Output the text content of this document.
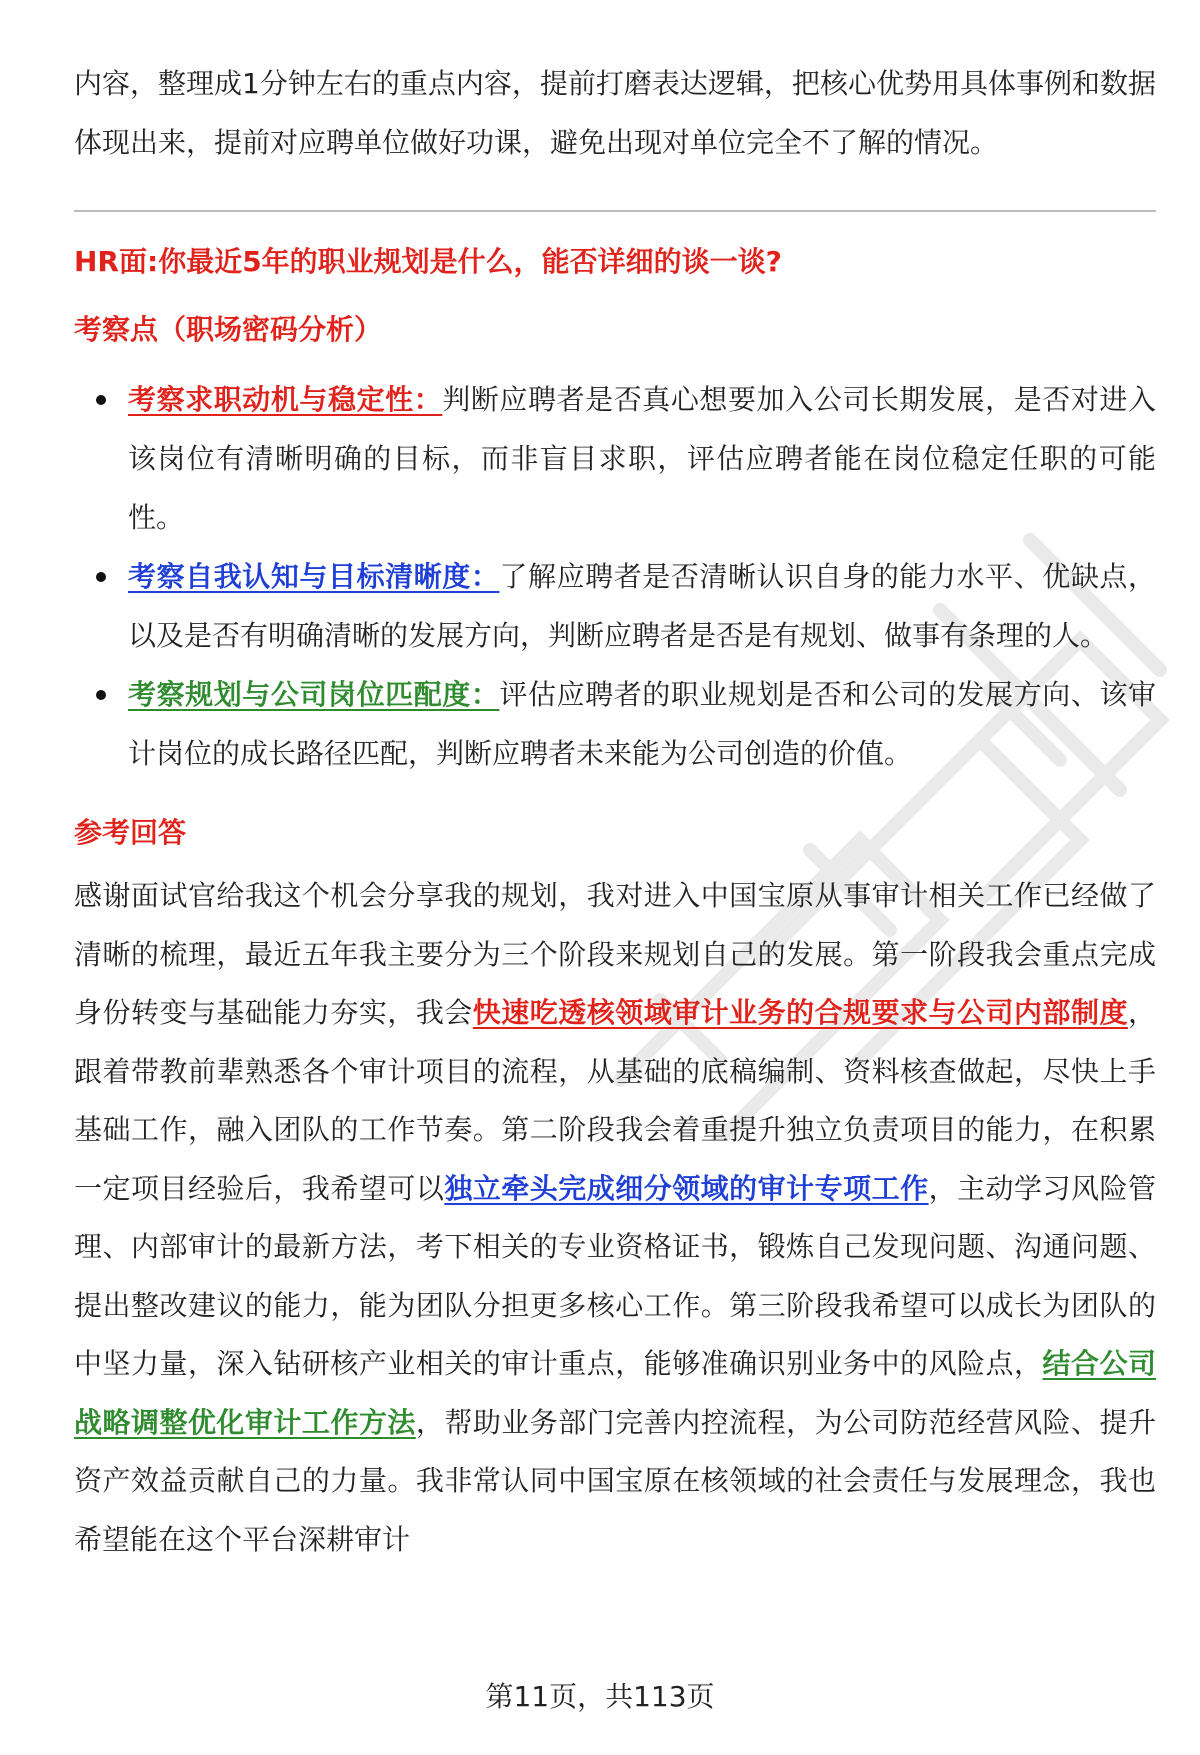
内容，整理成1分钟左右的重点内容，提前打磨表达逻辑，把核心优势用具体事例和数据体现出来，提前对应聘单位做好功课，避免出现对单位完全不了解的情况。

HR面:你最近5年的职业规划是什么，能否详细的谈一谈?
考察点（职场密码分析）
考察求职动机与稳定性：判断应聘者是否真心想要加入公司长期发展，是否对进入该岗位有清晰明确的目标，而非盲目求职，评估应聘者能在岗位稳定任职的可能性。
考察自我认知与目标清晰度：了解应聘者是否清晰认识自身的能力水平、优缺点，以及是否有明确清晰的发展方向，判断应聘者是否是有规划、做事有条理的人。
考察规划与公司岗位匹配度：评估应聘者的职业规划是否和公司的发展方向、该审计岗位的成长路径匹配，判断应聘者未来能为公司创造的价值。
参考回答

感谢面试官给我这个机会分享我的规划，我对进入中国宝原从事审计相关工作已经做了清晰的梳理，最近五年我主要分为三个阶段来规划自己的发展。第一阶段我会重点完成身份转变与基础能力夯实，我会快速吃透核领域审计业务的合规要求与公司内部制度，跟着带教前辈熟悉各个审计项目的流程，从基础的底稿编制、资料核查做起，尽快上手基础工作，融入团队的工作节奏。第二阶段我会着重提升独立负责项目的能力，在积累一定项目经验后，我希望可以独立牵头完成细分领域的审计专项工作，主动学习风险管理、内部审计的最新方法，考下相关的专业资格证书，锻炼自己发现问题、沟通问题、提出整改建议的能力，能为团队分担更多核心工作。第三阶段我希望可以成长为团队的中坚力量，深入钻研核产业相关的审计重点，能够准确识别业务中的风险点，结合公司战略调整优化审计工作方法，帮助业务部门完善内控流程，为公司防范经营风险、提升资产效益贡献自己的力量。我非常认同中国宝原在核领域的社会责任与发展理念，我也希望能在这个平台深耕审计

第11页，共113页
